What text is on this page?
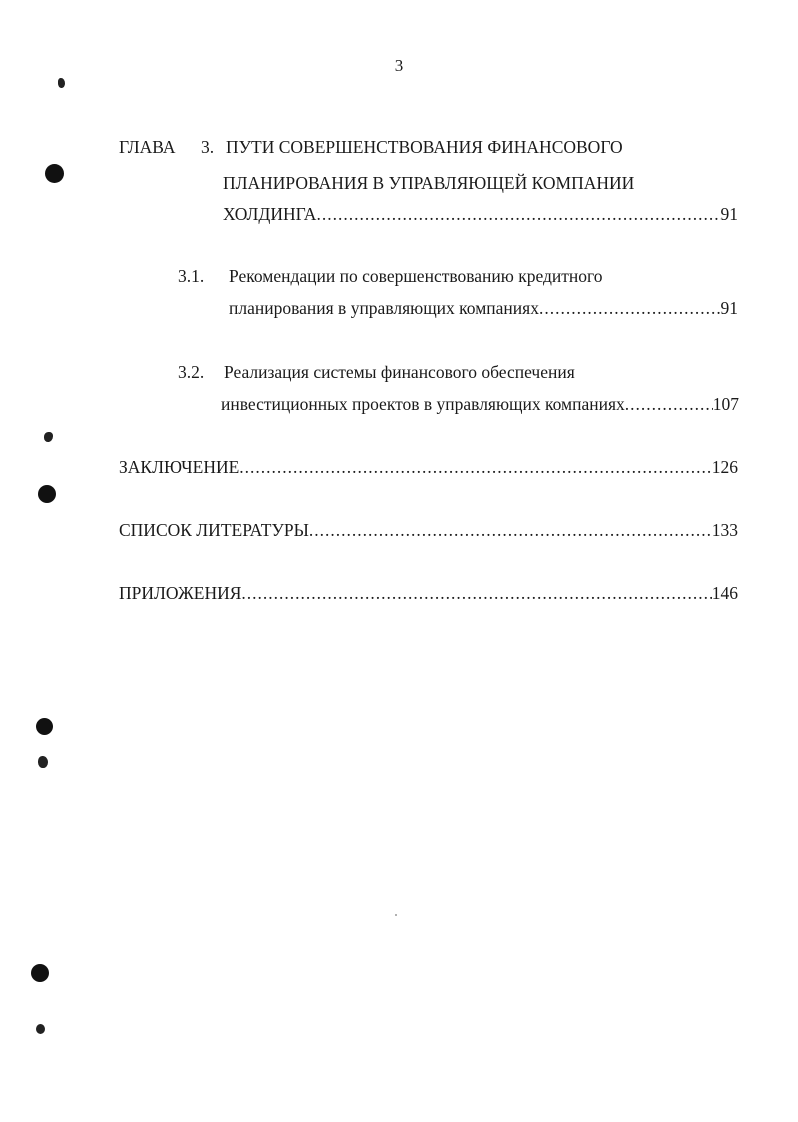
3
ГЛАВА 3. ПУТИ СОВЕРШЕНСТВОВАНИЯ ФИНАНСОВОГО
ПЛАНИРОВАНИЯ В УПРАВЛЯЮЩЕЙ КОМПАНИИ
ХОЛДИНГА .....	91
3.1. Рекомендации по совершенствованию кредитного
планирования в управляющих компаниях .....	91
3.2. Реализация системы финансового обеспечения
инвестиционных проектов в управляющих компаниях .....	107
ЗАКЛЮЧЕНИЕ .....	126
СПИСОК ЛИТЕРАТУРЫ .....	133
ПРИЛОЖЕНИЯ .....	146
